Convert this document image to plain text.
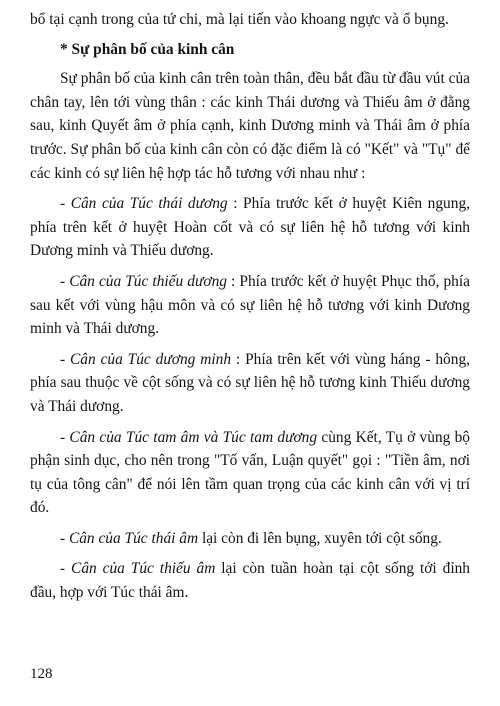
bổ tại cạnh trong của tứ chi, mà lại tiến vào khoang ngực và ổ bụng.

* Sự phân bố của kinh cân

Sự phân bố của kinh cân trên toàn thân, đều bắt đầu từ đầu vút của chân tay, lên tới vùng thân : các kinh Thái dương và Thiếu âm ở đằng sau, kinh Quyết âm ở phía cạnh, kinh Dương minh và Thái âm ở phía trước. Sự phân bố của kinh cân còn có đặc điểm là có "Kết" và "Tụ" để các kinh có sự liên hệ hợp tác hỗ tương với nhau như :

- Cân của Túc thái dương : Phía trước kết ở huyệt Kiên ngung, phía trên kết ở huyệt Hoàn cốt và có sự liên hệ hỗ tương với kinh Dương minh và Thiếu dương.

- Cân của Túc thiếu dương : Phía trước kết ở huyệt Phục thố, phía sau kết với vùng hậu môn và có sự liên hệ hỗ tương với kinh Dương minh và Thái dương.

- Cân của Túc dương minh : Phía trên kết với vùng háng - hông, phía sau thuộc về cột sống và có sự liên hệ hỗ tương kinh Thiếu dương và Thái dương.

- Cân của Túc tam âm và Túc tam dương cùng Kết, Tụ ở vùng bộ phận sinh dục, cho nên trong "Tố vấn, Luận quyết" gọi : "Tiền âm, nơi tụ của tông cân" để nói lên tầm quan trọng của các kinh cân với vị trí đó.

- Cân của Túc thái âm lại còn đi lên bụng, xuyên tới cột sống.

- Cân của Túc thiếu âm lại còn tuần hoàn tại cột sống tới đỉnh đầu, hợp với Túc thái âm.

128
